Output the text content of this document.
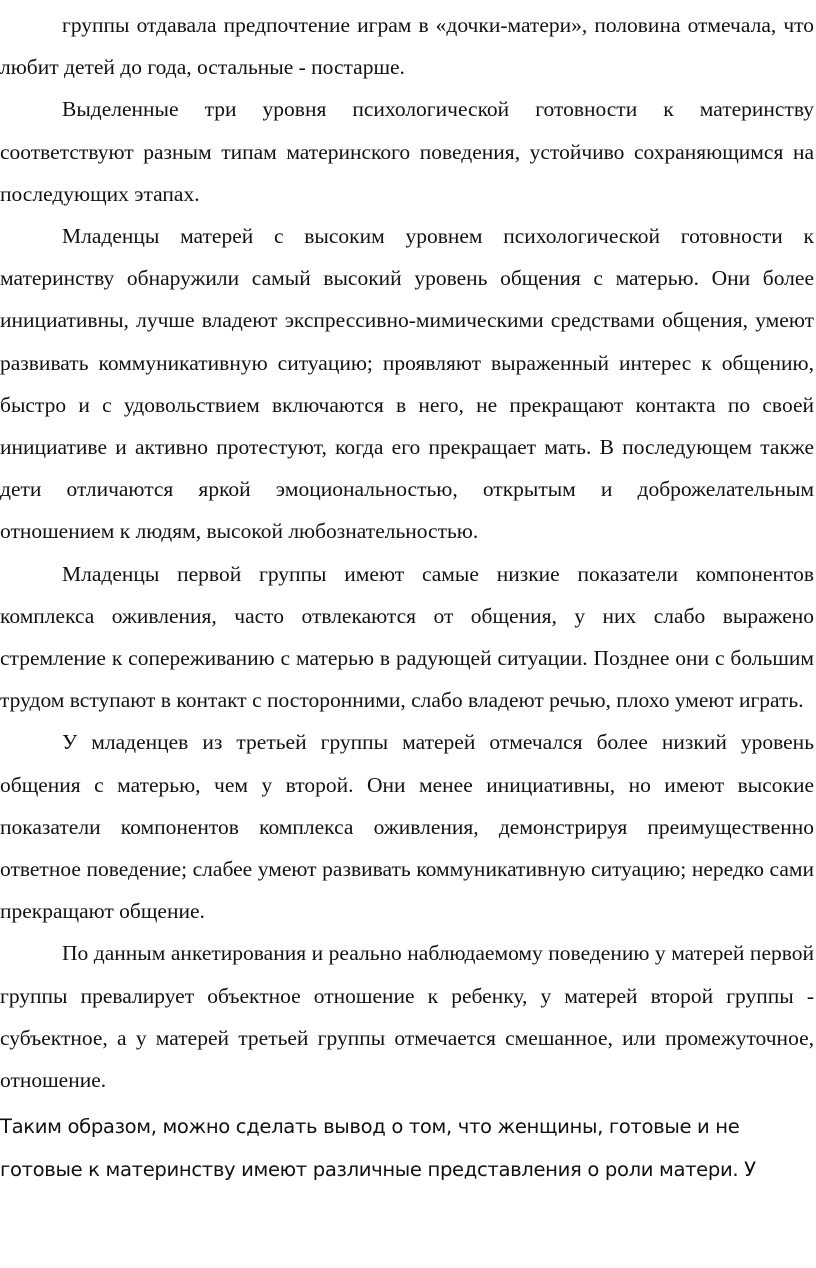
группы отдавала предпочтение играм в «дочки-матери», половина отмечала, что любит детей до года, остальные - постарше.

Выделенные три уровня психологической готовности к материнству соответствуют разным типам материнского поведения, устойчиво сохраняющимся на последующих этапах.

Младенцы матерей с высоким уровнем психологической готовности к материнству обнаружили самый высокий уровень общения с матерью. Они более инициативны, лучше владеют экспрессивно-мимическими средствами общения, умеют развивать коммуникативную ситуацию; проявляют выраженный интерес к общению, быстро и с удовольствием включаются в него, не прекращают контакта по своей инициативе и активно протестуют, когда его прекращает мать. В последующем также дети отличаются яркой эмоциональностью, открытым и доброжелательным отношением к людям, высокой любознательностью.

Младенцы первой группы имеют самые низкие показатели компонентов комплекса оживления, часто отвлекаются от общения, у них слабо выражено стремление к сопереживанию с матерью в радующей ситуации. Позднее они с большим трудом вступают в контакт с посторонними, слабо владеют речью, плохо умеют играть.

У младенцев из третьей группы матерей отмечался более низкий уровень общения с матерью, чем у второй. Они менее инициативны, но имеют высокие показатели компонентов комплекса оживления, демонстрируя преимущественно ответное поведение; слабее умеют развивать коммуникативную ситуацию; нередко сами прекращают общение.

По данным анкетирования и реально наблюдаемому поведению у матерей первой группы превалирует объектное отношение к ребенку, у матерей второй группы - субъектное, а у матерей третьей группы отмечается смешанное, или промежуточное, отношение.

Таким образом, можно сделать вывод о том, что женщины, готовые и не готовые к материнству имеют различные представления о роли матери. У
